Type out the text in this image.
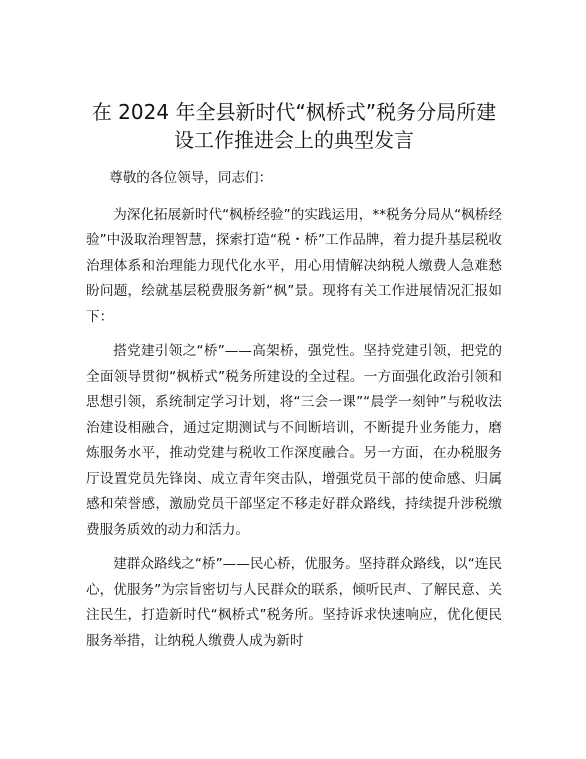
在 2024 年全县新时代“枫桥式”税务分局所建设工作推进会上的典型发言

尊敬的各位领导，同志们：

为深化拓展新时代“枫桥经验”的实践运用，**税务分局从“枫桥经验”中汲取治理智慧，探索打造“税・桥”工作品牌，着力提升基层税收治理体系和治理能力现代化水平，用心用情解决纳税人缴费人急难愁盼问题，绘就基层税费服务新“枫”景。现将有关工作进展情况汇报如下：

搭党建引领之“桥”——高架桥，强党性。坚持党建引领，把党的全面领导贯彻“枫桥式”税务所建设的全过程。一方面强化政治引领和思想引领，系统制定学习计划，将“三会一课”“晨学一刻钟”与税收法治建设相融合，通过定期测试与不间断培训，不断提升业务能力，磨炼服务水平，推动党建与税收工作深度融合。另一方面，在办税服务厅设置党员先锋岗、成立青年突击队，增强党员干部的使命感、归属感和荣誉感，激励党员干部坚定不移走好群众路线，持续提升涉税缴费服务质效的动力和活力。

建群众路线之“桥”——民心桥，优服务。坚持群众路线，以“连民心，优服务”为宗旨密切与人民群众的联系，倾听民声、了解民意、关注民生，打造新时代“枫桥式”税务所。坚持诉求快速响应，优化便民服务举措，让纳税人缴费人成为新时
